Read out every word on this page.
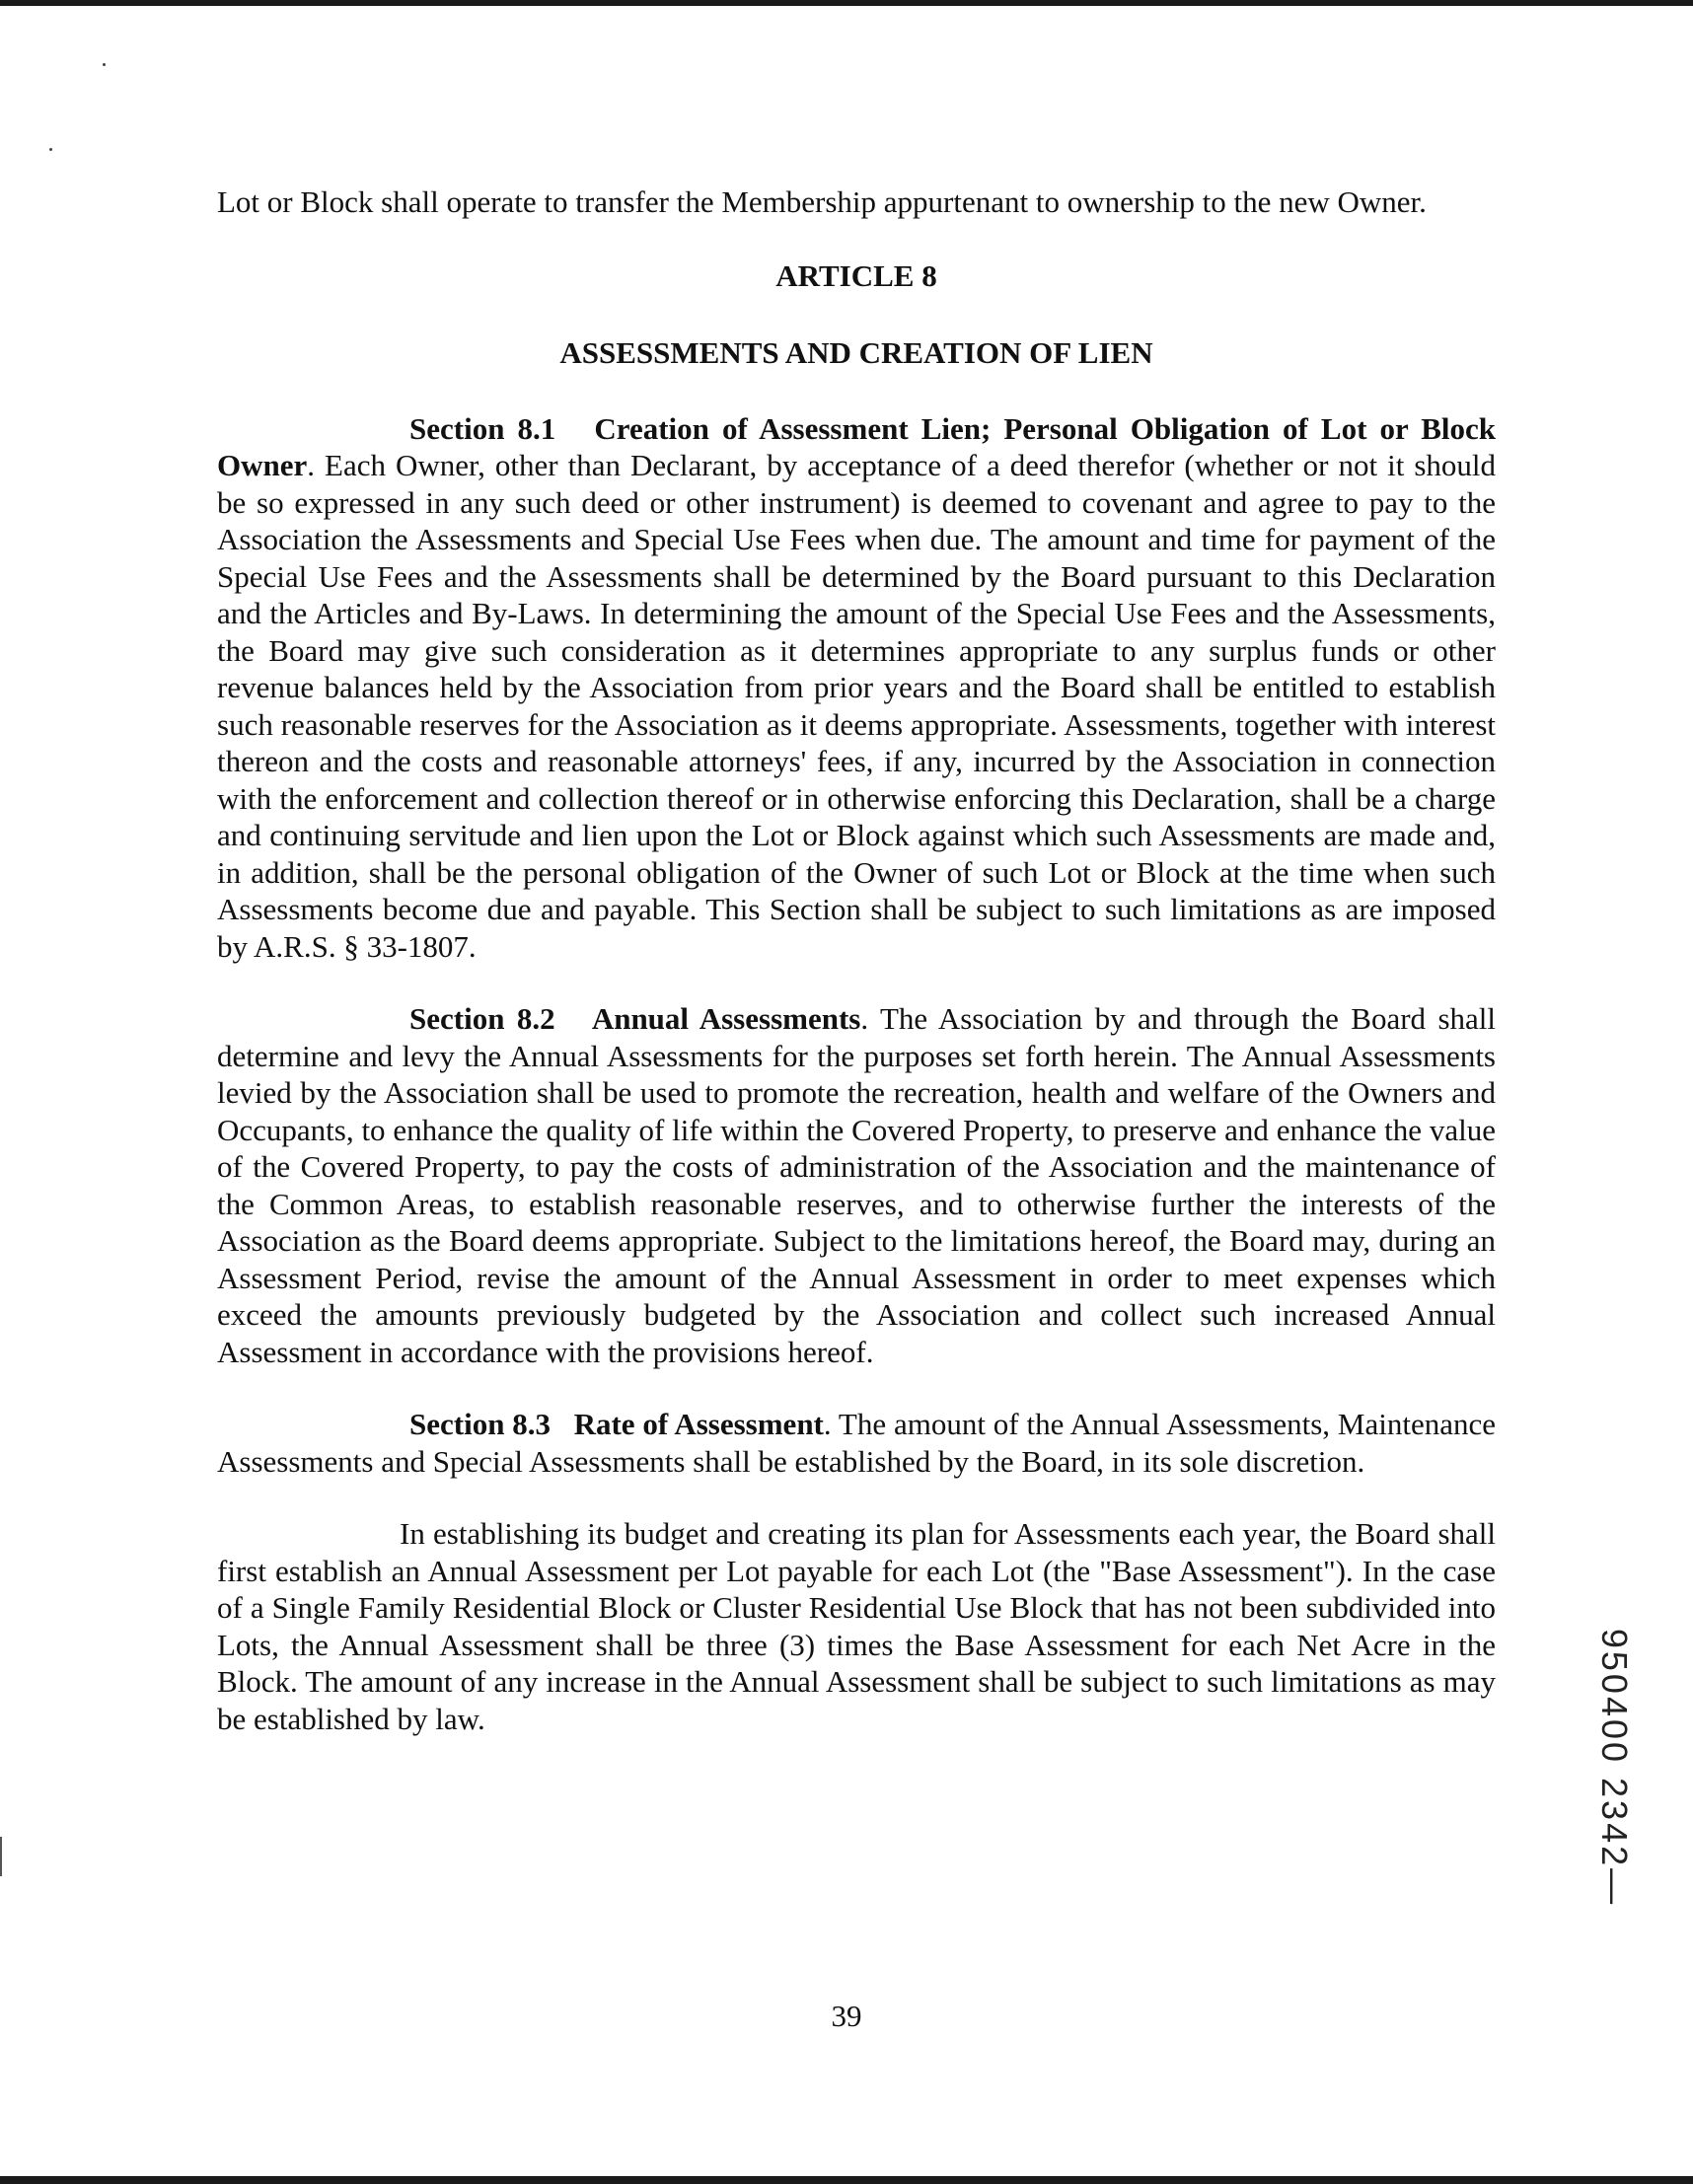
Lot or Block shall operate to transfer the Membership appurtenant to ownership to the new Owner.

ARTICLE 8

ASSESSMENTS AND CREATION OF LIEN

Section 8.1 Creation of Assessment Lien; Personal Obligation of Lot or Block Owner. Each Owner, other than Declarant, by acceptance of a deed therefor (whether or not it should be so expressed in any such deed or other instrument) is deemed to covenant and agree to pay to the Association the Assessments and Special Use Fees when due. The amount and time for payment of the Special Use Fees and the Assessments shall be determined by the Board pursuant to this Declaration and the Articles and By-Laws. In determining the amount of the Special Use Fees and the Assessments, the Board may give such consideration as it determines appropriate to any surplus funds or other revenue balances held by the Association from prior years and the Board shall be entitled to establish such reasonable reserves for the Association as it deems appropriate. Assessments, together with interest thereon and the costs and reasonable attorneys' fees, if any, incurred by the Association in connection with the enforcement and collection thereof or in otherwise enforcing this Declaration, shall be a charge and continuing servitude and lien upon the Lot or Block against which such Assessments are made and, in addition, shall be the personal obligation of the Owner of such Lot or Block at the time when such Assessments become due and payable. This Section shall be subject to such limitations as are imposed by A.R.S. § 33-1807.

Section 8.2 Annual Assessments. The Association by and through the Board shall determine and levy the Annual Assessments for the purposes set forth herein. The Annual Assessments levied by the Association shall be used to promote the recreation, health and welfare of the Owners and Occupants, to enhance the quality of life within the Covered Property, to preserve and enhance the value of the Covered Property, to pay the costs of administration of the Association and the maintenance of the Common Areas, to establish reasonable reserves, and to otherwise further the interests of the Association as the Board deems appropriate. Subject to the limitations hereof, the Board may, during an Assessment Period, revise the amount of the Annual Assessment in order to meet expenses which exceed the amounts previously budgeted by the Association and collect such increased Annual Assessment in accordance with the provisions hereof.

Section 8.3 Rate of Assessment. The amount of the Annual Assessments, Maintenance Assessments and Special Assessments shall be established by the Board, in its sole discretion.

In establishing its budget and creating its plan for Assessments each year, the Board shall first establish an Annual Assessment per Lot payable for each Lot (the "Base Assessment"). In the case of a Single Family Residential Block or Cluster Residential Use Block that has not been subdivided into Lots, the Annual Assessment shall be three (3) times the Base Assessment for each Net Acre in the Block. The amount of any increase in the Annual Assessment shall be subject to such limitations as may be established by law.

39
950400 2342—
